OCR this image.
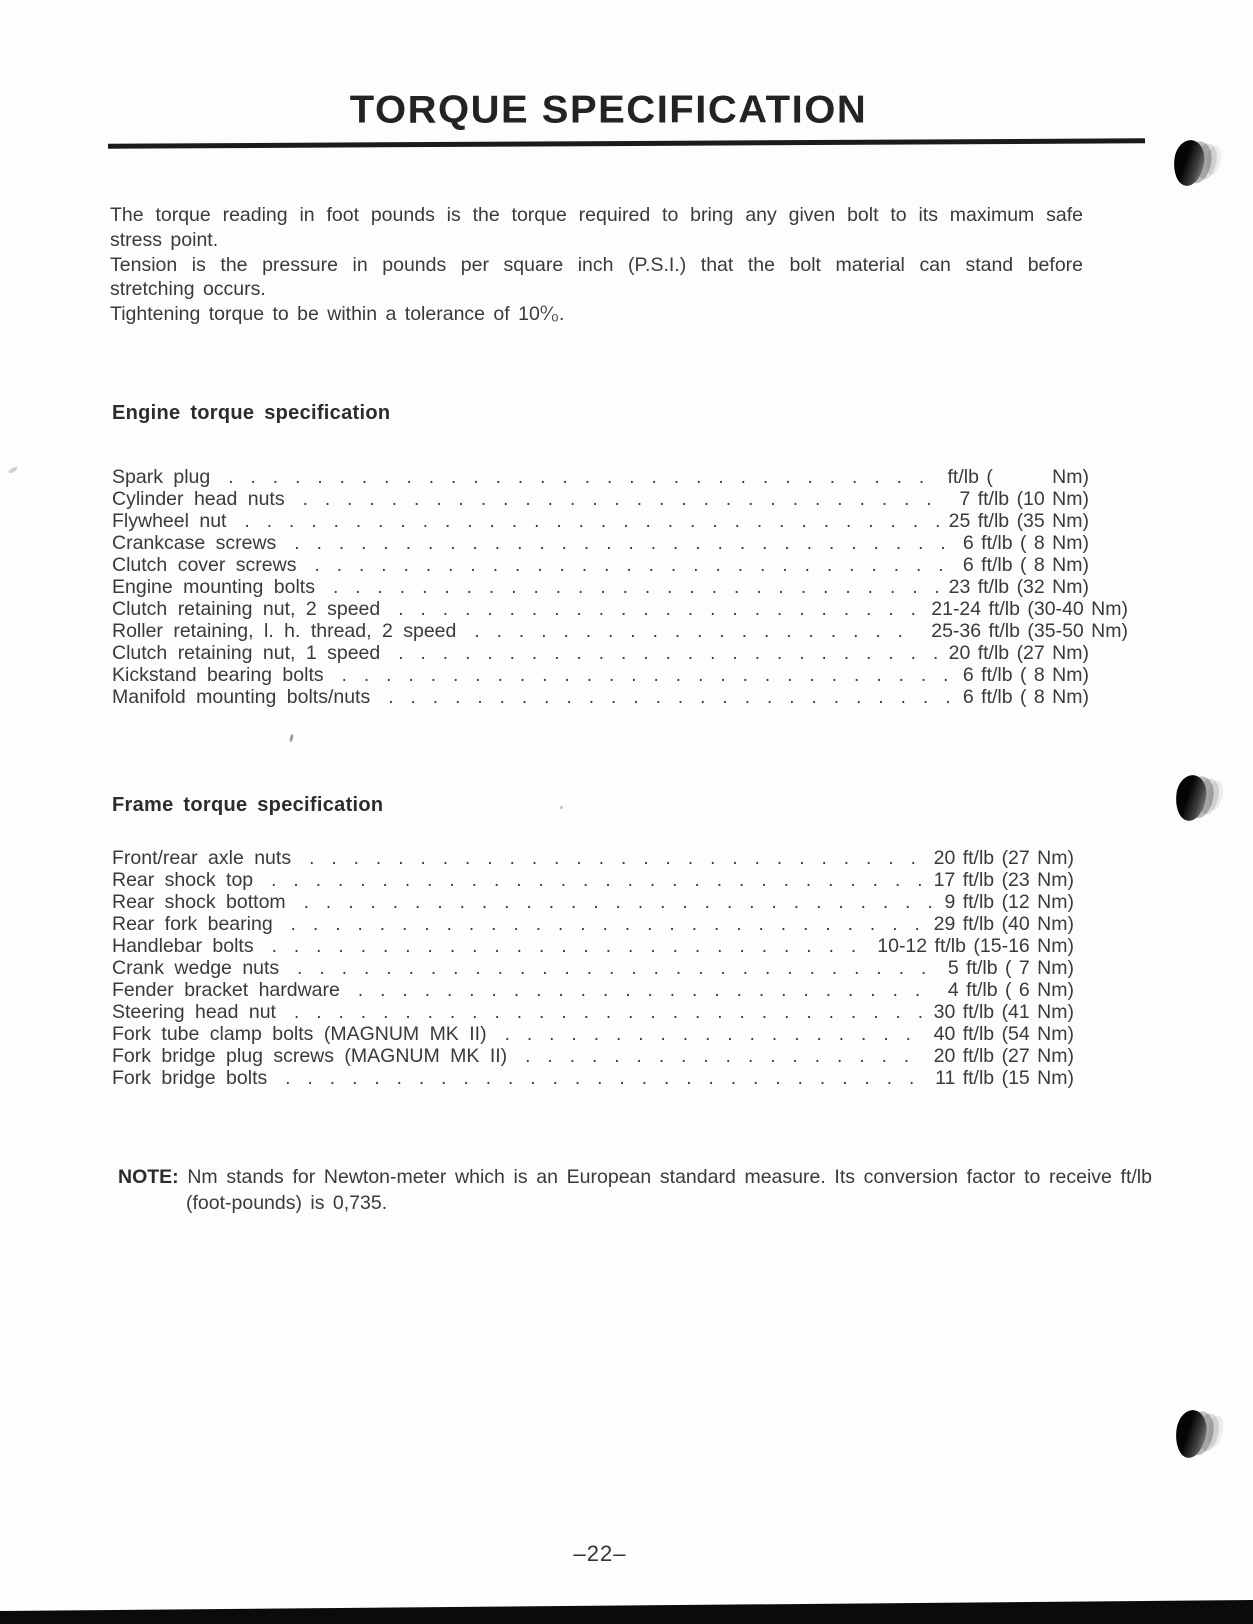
TORQUE SPECIFICATION
The torque reading in foot pounds is the torque required to bring any given bolt to its maximum safe
stress point.
Tension is the pressure in pounds per square inch (P.S.I.) that the bolt material can stand before
stretching occurs.
Tightening torque to be within a tolerance of 10⁰⁄₀.
Engine torque specification
Spark plug .....	ft/lb (        Nm)
Cylinder head nuts .....	7 ft/lb (10 Nm)
Flywheel nut .....	25 ft/lb (35 Nm)
Crankcase screws .....	6 ft/lb ( 8 Nm)
Clutch cover screws .....	6 ft/lb ( 8 Nm)
Engine mounting bolts .....	23 ft/lb (32 Nm)
Clutch retaining nut, 2 speed .....	21-24 ft/lb (30-40 Nm)
Roller retaining, l. h. thread, 2 speed .....	25-36 ft/lb (35-50 Nm)
Clutch retaining nut, 1 speed .....	20 ft/lb (27 Nm)
Kickstand bearing bolts .....	6 ft/lb ( 8 Nm)
Manifold mounting bolts/nuts .....	6 ft/lb ( 8 Nm)
Frame torque specification
Front/rear axle nuts .....	20 ft/lb (27 Nm)
Rear shock top .....	17 ft/lb (23 Nm)
Rear shock bottom .....	9 ft/lb (12 Nm)
Rear fork bearing .....	29 ft/lb (40 Nm)
Handlebar bolts .....	10-12 ft/lb (15-16 Nm)
Crank wedge nuts .....	5 ft/lb ( 7 Nm)
Fender bracket hardware .....	4 ft/lb ( 6 Nm)
Steering head nut .....	30 ft/lb (41 Nm)
Fork tube clamp bolts (MAGNUM MK II) .....	40 ft/lb (54 Nm)
Fork bridge plug screws (MAGNUM MK II) .....	20 ft/lb (27 Nm)
Fork bridge bolts .....	11 ft/lb (15 Nm)
NOTE: Nm stands for Newton-meter which is an European standard measure. Its conversion factor to receive ft/lb (foot-pounds) is 0,735.
–22–
